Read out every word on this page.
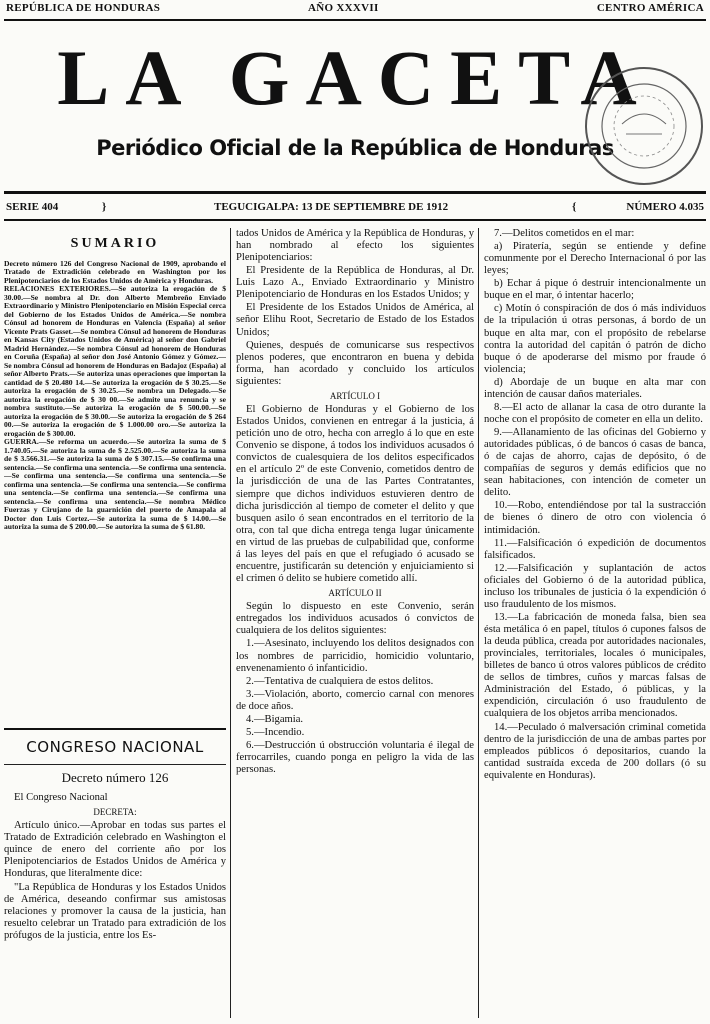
REPÚBLICA DE HONDURAS	AÑO XXXVII	CENTRO AMÉRICA
LA GACETA
Periódico Oficial de la República de Honduras
SERIE 404	}	TEGUCIGALPA: 13 DE SEPTIEMBRE DE 1912	{	NÚMERO 4.035
SUMARIO

Decreto número 126 del Congreso Nacional de 1909, aprobando el Tratado de Extradición celebrado en Washington por los Plenipotenciarios de los Estados Unidos de América y Honduras.

RELACIONES EXTERIORES.—Se autoriza la erogación de $ 30.00.—Se nombra al Dr. don Alberto Membreño Enviado Extraordinario y Ministro Plenipotenciario en Misión Especial cerca del Gobierno de los Estados Unidos de América.—Se nombra Cónsul ad honorem de Honduras en Valencia (España) al señor Vicente Prats Gasset.—Se nombra Cónsul ad honorem de Honduras en Kansas City (Estados Unidos de América) al señor don Gabriel Madrid Hernández.—Se nombra Cónsul ad honorem de Honduras en Coruña (España) al señor don José Antonio Gómez y Gómez.—Se nombra Cónsul ad honorem de Honduras en Badajoz (España) al señor Alberto Prats.—Se autoriza unas operaciones que importan la cantidad de $ 20.480 14.—Se autoriza la erogación de $ 30.25.—Se autoriza la erogación de $ 30.25.—Se nombra un Delegado.—Se autoriza la erogación de $ 30 00.—Se admite una renuncia y se nombra sustituto.—Se autoriza la erogación de $ 500.00.—Se autoriza la erogación de $ 30.00.—Se autoriza la erogación de $ 264 00.—Se autoriza la erogación de $ 1.000.00 oro.—Se autoriza la erogación de $ 300.00.

GUERRA.—Se reforma un acuerdo.—Se autoriza la suma de $ 1.740.05.—Se autoriza la suma de $ 2.525.00.—Se autoriza la suma de $ 3.566.31.—Se autoriza la suma de $ 307.15.—Se confirma una sentencia.—Se confirma una sentencia.—Se confirma una sentencia.—Se confirma una sentencia.—Se confirma una sentencia.—Se confirma una sentencia.—Se confirma una sentencia.—Se confirma una sentencia.—Se confirma una sentencia.—Se confirma una sentencia.—Se confirma una sentencia.—Se nombra Médico Fuerzas y Cirujano de la guarnición del puerto de Amapala al Doctor don Luis Cortez.—Se autoriza la suma de $ 14.00.—Se autoriza la suma de $ 200.00.—Se autoriza la suma de $ 61.80.

CONGRESO NACIONAL
Decreto número 126

El Congreso Nacional

DECRETA:

Artículo único.—Aprobar en todas sus partes el Tratado de Extradición celebrado en Washington el quince de enero del corriente año por los Plenipotenciarios de Estados Unidos de América y Honduras, que literalmente dice:

"La República de Honduras y los Estados Unidos de América, deseando confirmar sus amistosas relaciones y promover la causa de la justicia, han resuelto celebrar un Tratado para extradición de los prófugos de la justicia, entre los Es-

tados Unidos de América y la República de Honduras, y han nombrado al efecto los siguientes Plenipotenciarios:

El Presidente de la República de Honduras, al Dr. Luis Lazo A., Enviado Extraordinario y Ministro Plenipotenciario de Honduras en los Estados Unidos; y

El Presidente de los Estados Unidos de América, al señor Elihu Root, Secretario de Estado de los Estados Unidos;

Quienes, después de comunicarse sus respectivos plenos poderes, que encontraron en buena y debida forma, han acordado y concluido los artículos siguientes:

ARTÍCULO I

El Gobierno de Honduras y el Gobierno de los Estados Unidos, convienen en entregar á la justicia, á petición uno de otro, hecha con arreglo á lo que en este Convenio se dispone, á todos los individuos acusados ó convictos de cualesquiera de los delitos especificados en el artículo 2º de este Convenio, cometidos dentro de la jurisdicción de una de las Partes Contratantes, siempre que dichos individuos estuvieren dentro de dicha jurisdicción al tiempo de cometer el delito y que busquen asilo ó sean encontrados en el territorio de la otra, con tal que dicha entrega tenga lugar únicamente en virtud de las pruebas de culpabilidad que, conforme á las leyes del país en que el refugiado ó acusado se encuentre, justificarán su detención y enjuiciamiento si el crimen ó delito se hubiere cometido allí.

ARTÍCULO II

Según lo dispuesto en este Convenio, serán entregados los individuos acusados ó convictos de cualquiera de los delitos siguientes:

1.—Asesinato, incluyendo los delitos designados con los nombres de parricidio, homicidio voluntario, envenenamiento ó infanticidio.

2.—Tentativa de cualquiera de estos delitos.

3.—Violación, aborto, comercio carnal con menores de doce años.

4.—Bigamia.

5.—Incendio.

6.—Destrucción ú obstrucción voluntaria é ilegal de ferrocarriles, cuando ponga en peligro la vida de las personas.

7.—Delitos cometidos en el mar:

a) Piratería, según se entiende y define comunmente por el Derecho Internacional ó por las leyes;

b) Echar á pique ó destruir intencionalmente un buque en el mar, ó intentar hacerlo;

c) Motín ó conspiración de dos ó más individuos de la tripulación ú otras personas, á bordo de un buque en alta mar, con el propósito de rebelarse contra la autoridad del capitán ó patrón de dicho buque ó de apoderarse del mismo por fraude ó violencia;

d) Abordaje de un buque en alta mar con intención de causar daños materiales.

8.—El acto de allanar la casa de otro durante la noche con el propósito de cometer en ella un delito.

9.—Allanamiento de las oficinas del Gobierno y autoridades públicas, ó de bancos ó casas de banca, ó de cajas de ahorro, cajas de depósito, ó de compañías de seguros y demás edificios que no sean habitaciones, con intención de cometer un delito.

10.—Robo, entendiéndose por tal la sustracción de bienes ó dinero de otro con violencia ó intimidación.

11.—Falsificación ó expedición de documentos falsificados.

12.—Falsificación y suplantación de actos oficiales del Gobierno ó de la autoridad pública, incluso los tribunales de justicia ó la expendición ó uso fraudulento de los mismos.

13.—La fabricación de moneda falsa, bien sea ésta metálica ó en papel, títulos ó cupones falsos de la deuda pública, creada por autoridades nacionales, provinciales, territoriales, locales ó municipales, billetes de banco ú otros valores públicos de crédito de sellos de timbres, cuños y marcas falsas de Administración del Estado, ó públicas, y la expendición, circulación ó uso fraudulento de cualquiera de los objetos arriba mencionados.

14.—Peculado ó malversación criminal cometida dentro de la jurisdicción de una de ambas partes por empleados públicos ó depositarios, cuando la cantidad sustraída exceda de 200 dollars (ó su equivalente en Honduras).
